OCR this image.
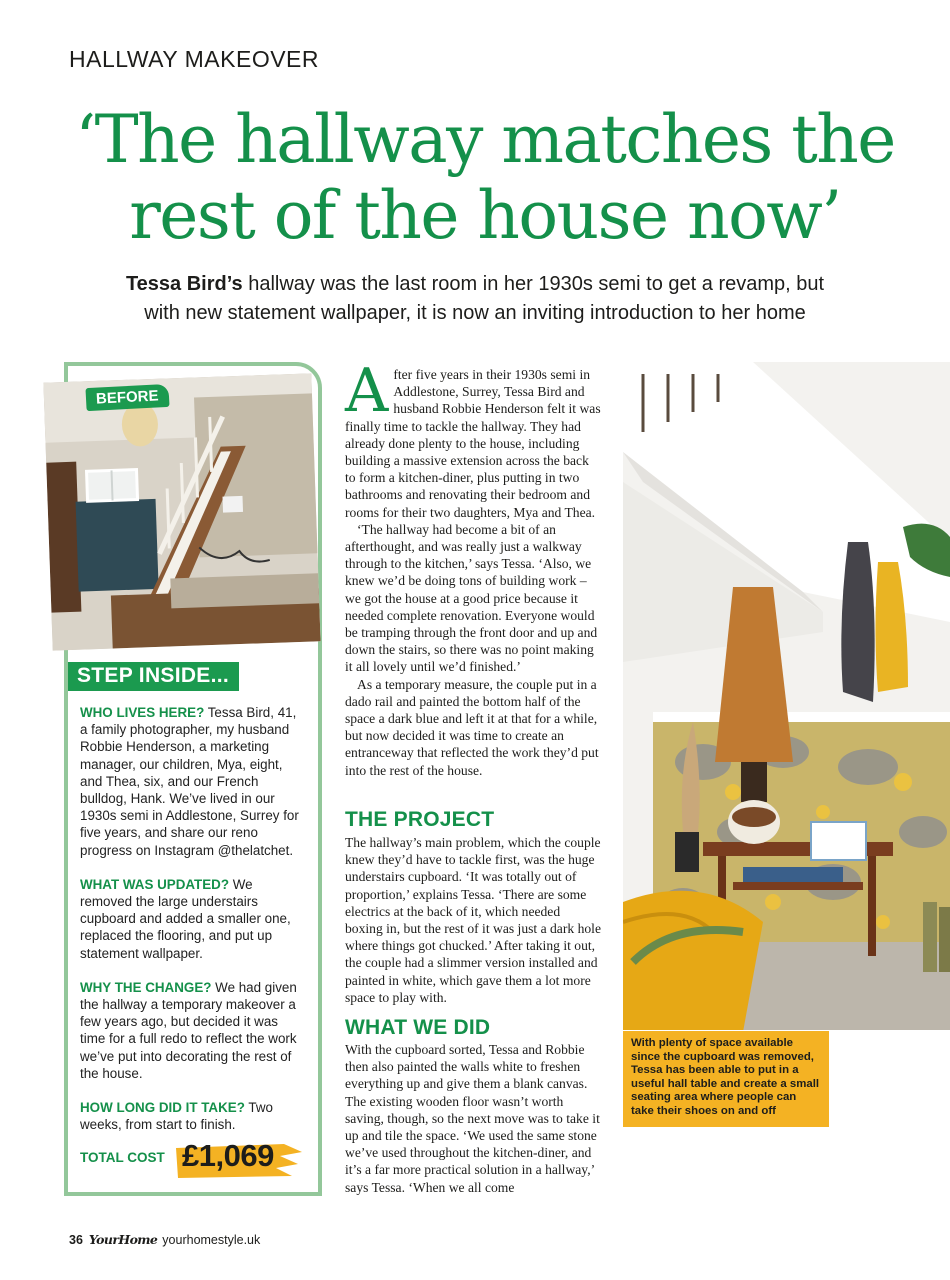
HALLWAY MAKEOVER
‘The hallway matches the
rest of the house now’
Tessa Bird’s hallway was the last room in her 1930s semi to get a revamp, but
with new statement wallpaper, it is now an inviting introduction to her home
BEFORE
STEP INSIDE...
WHO LIVES HERE? Tessa Bird, 41, a family photographer, my husband Robbie Henderson, a marketing manager, our children, Mya, eight, and Thea, six, and our French bulldog, Hank. We’ve lived in our 1930s semi in Addlestone, Surrey for five years, and share our reno progress on Instagram @thelatchet.
WHAT WAS UPDATED? We removed the large understairs cupboard and added a smaller one, replaced the flooring, and put up statement wallpaper.
WHY THE CHANGE? We had given the hallway a temporary makeover a few years ago, but decided it was time for a full redo to reflect the work we’ve put into decorating the rest of the house.
HOW LONG DID IT TAKE? Two weeks, from start to finish.
TOTAL COST £1,069

After five years in their 1930s semi in Addlestone, Surrey, Tessa Bird and husband Robbie Henderson felt it was finally time to tackle the hallway. They had already done plenty to the house, including building a massive extension across the back to form a kitchen-diner, plus putting in two bathrooms and renovating their bedroom and rooms for their two daughters, Mya and Thea.

‘The hallway had become a bit of an afterthought, and was really just a walkway through to the kitchen,’ says Tessa. ‘Also, we knew we’d be doing tons of building work – we got the house at a good price because it needed complete renovation. Everyone would be tramping through the front door and up and down the stairs, so there was no point making it all lovely until we’d finished.’

As a temporary measure, the couple put in a dado rail and painted the bottom half of the space a dark blue and left it at that for a while, but now decided it was time to create an entranceway that reflected the work they’d put into the rest of the house.

THE PROJECT

The hallway’s main problem, which the couple knew they’d have to tackle first, was the huge understairs cupboard. ‘It was totally out of proportion,’ explains Tessa. ‘There are some electrics at the back of it, which needed boxing in, but the rest of it was just a dark hole where things got chucked.’ After taking it out, the couple had a slimmer version installed and painted in white, which gave them a lot more space to play with.

WHAT WE DID

With the cupboard sorted, Tessa and Robbie then also painted the walls white to freshen everything up and give them a blank canvas. The existing wooden floor wasn’t worth saving, though, so the next move was to take it up and tile the space. ‘We used the same stone we’ve used throughout the kitchen-diner, and it’s a far more practical solution in a hallway,’ says Tessa. ‘When we all come

With plenty of space available since the cupboard was removed, Tessa has been able to put in a useful hall table and create a small seating area where people can take their shoes on and off
36 YourHome yourhomestyle.uk
